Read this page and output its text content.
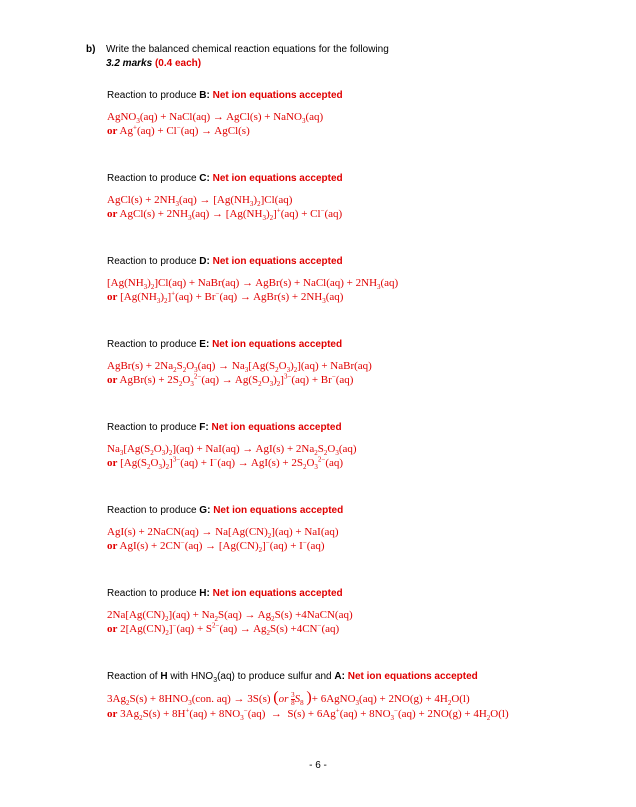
b) Write the balanced chemical reaction equations for the following
3.2 marks (0.4 each)
Reaction to produce B: Net ion equations accepted
AgNO$_3$(aq) + NaCl(aq) → AgCl(s) + NaNO$_3$(aq)
or Ag+(aq) + Cl−(aq) → AgCl(s)
Reaction to produce C: Net ion equations accepted
AgCl(s) + $2NH_3(aq) \to [Ag(NH_3)_2]Cl(aq)$
or AgCl(s) + $2NH_3(aq) \to [Ag(NH_3)_2]^+(aq) + Cl^-(aq)$
Reaction to produce D: Net ion equations accepted
$[Ag(NH_3)_2]Cl(aq)$ + NaBr(aq) → AgBr(s) + NaCl(aq) + $2NH_3(aq)$
or $[Ag(NH_3)_2]^+(aq) + Br^-(aq)$ → AgBr(s) + $2NH_3(aq)$
Reaction to produce E: Net ion equations accepted
AgBr(s) + $2Na_2S_2O_3(aq) \to Na_3[Ag(S_2O_3)_2](aq)$ + NaBr(aq)
or AgBr(s) + $2S_2O_3^{2-}(aq) \to Ag(S_2O_3)_2]^{3-}(aq) + Br^-(aq)$
Reaction to produce F: Net ion equations accepted
$Na_3[Ag(S_2O_3)_2](aq) + NaI(aq) \to AgI(s) + 2Na_2S_2O_3(aq)$
or $[Ag(S_2O_3)_2]^{3-}(aq) + I^-(aq) \to AgI(s) + 2S_2O_3^{2-}(aq)$
Reaction to produce G: Net ion equations accepted
AgI(s) + 2NaCN(aq) → $Na[Ag(CN)_2](aq) + NaI(aq)$
or $AgI(s) + 2CN^-(aq) \to [Ag(CN)_2]^-(aq) + I^-(aq)$
Reaction to produce H: Net ion equations accepted
$2Na[Ag(CN)_2](aq) + Na_2S(aq) \to Ag_2S(s)$ +4NaCN(aq)
or $2[Ag(CN)_2]^-(aq) + S^{2-}(aq) \to Ag_2S(s) +4CN^-(aq)$
Reaction of H with $HNO_3(aq)$ to produce sulfur and A: Net ion equations accepted
$3Ag_2S(s) + 8HNO_3(con$. aq) → 3S(s) ($or \frac{3}{8} S_8$ )+ 6AgNO$_3$(aq) + $2NO(g) + 4H_2O(l)$
or $3Ag_2S(s) + 8H^+(aq) + 8NO_3^-(aq) \to S(s) + 6Ag^+(aq) + 8NO_3^-(aq) + 2NO(g) + 4H_2O(l)$
- 6 -
